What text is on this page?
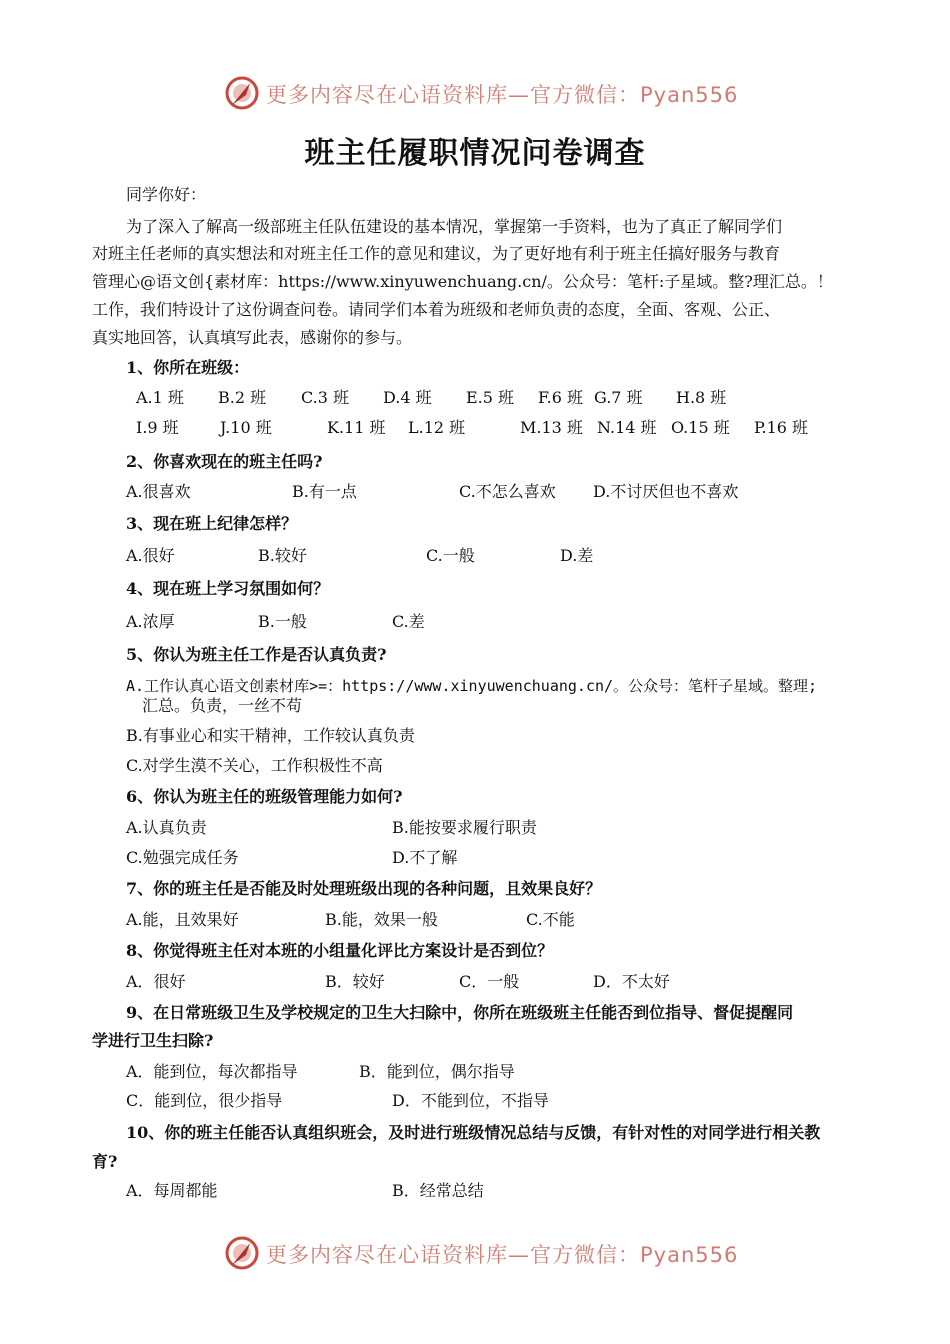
更多内容尽在心语资料库—官方微信：Pyan556
班主任履职情况问卷调查
同学你好：
为了深入了解高一级部班主任队伍建设的基本情况，掌握第一手资料，也为了真正了解同学们
对班主任老师的真实想法和对班主任工作的意见和建议，为了更好地有利于班主任搞好服务与教育
管理心@语文创{素材库：https://www.xinyuwenchuang.cn/。公众号：笔杆:子星域。整?理汇总。！
工作，我们特设计了这份调查问卷。请同学们本着为班级和老师负责的态度，全面、客观、公正、
真实地回答，认真填写此表，感谢你的参与。
1、你所在班级：
A.1 班 B.2 班 C.3 班 D.4 班 E.5 班 F.6 班 G.7 班 H.8 班
I.9 班	J.10 班	K.11 班 L.12 班	M.13 班 N.14 班 O.15 班 P.16 班
2、你喜欢现在的班主任吗?
A.很喜欢	B.有一点	C.不怎么喜欢 D.不讨厌但也不喜欢
3、现在班上纪律怎样？
A.很好	B.较好	C.一般	D.差
4、现在班上学习氛围如何？
A.浓厚	B.一般	C.差
5、你认为班主任工作是否认真负责?
A.工作认真心语文创素材库>=：https://www.xinyuwenchuang.cn/。公众号：笔杆子星域。整理;
汇总。负责，一丝不苟
B.有事业心和实干精神，工作较认真负责
C.对学生漠不关心，工作积极性不高
6、你认为班主任的班级管理能力如何?
A.认真负责	B.能按要求履行职责
C.勉强完成任务	D.不了解
7、你的班主任是否能及时处理班级出现的各种问题，且效果良好？
A.能，且效果好	B.能，效果一般	C.不能
8、你觉得班主任对本班的小组量化评比方案设计是否到位？
A．很好	B．较好	C．一般	D．不太好
9、在日常班级卫生及学校规定的卫生大扫除中，你所在班级班主任能否到位指导、督促提醒同
学进行卫生扫除?
A．能到位，每次都指导	B．能到位，偶尔指导
C．能到位，很少指导	D．不能到位，不指导
10、你的班主任能否认真组织班会，及时进行班级情况总结与反馈，有针对性的对同学进行相关教
育?
A．每周都能	B．经常总结
更多内容尽在心语资料库—官方微信：Pyan556
